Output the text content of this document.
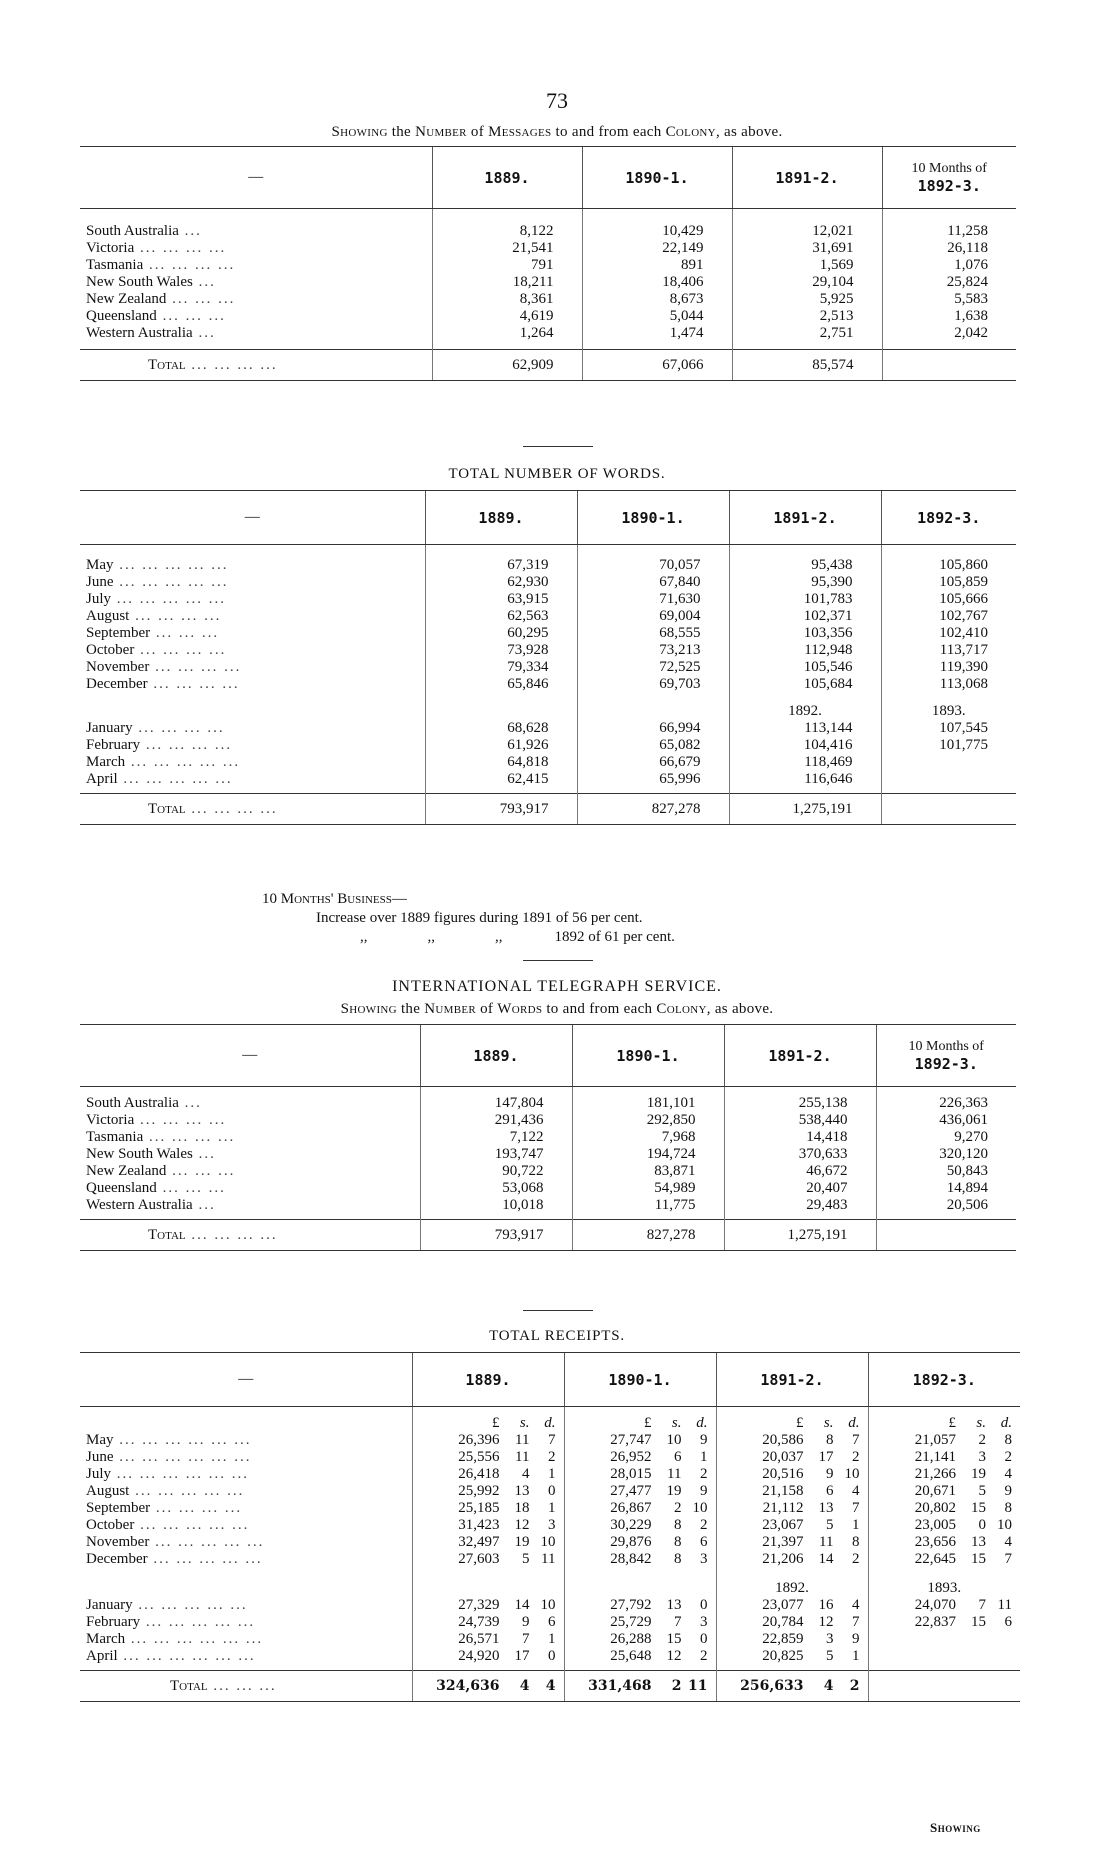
73
Showing the Number of Messages to and from each Colony, as above.
—	1889.	1890-1.	1891-2.	10 Months of
1892-3.

South Australia ...	8,122	10,429	12,021	11,258
Victoria ... ... ... ...	21,541	22,149	31,691	26,118
Tasmania ... ... ... ...	791	891	1,569	1,076
New South Wales ...	18,211	18,406	29,104	25,824
New Zealand ... ... ...	8,361	8,673	5,925	5,583
Queensland ... ... ...	4,619	5,044	2,513	1,638
Western Australia ...	1,264	1,474	2,751	2,042

Total ... ... ... ...	62,909	67,066	85,574	
TOTAL NUMBER OF WORDS.
—	1889.	1890-1.	1891-2.	1892-3.

May ... ... ... ... ...	67,319	70,057	95,438	105,860
June ... ... ... ... ...	62,930	67,840	95,390	105,859
July ... ... ... ... ...	63,915	71,630	101,783	105,666
August ... ... ... ...	62,563	69,004	102,371	102,767
September ... ... ...	60,295	68,555	103,356	102,410
October ... ... ... ...	73,928	73,213	112,948	113,717
November ... ... ... ...	79,334	72,525	105,546	119,390
December ... ... ... ...	65,846	69,703	105,684	113,068

			1892.	1893.
January ... ... ... ...	68,628	66,994	113,144	107,545
February ... ... ... ...	61,926	65,082	104,416	101,775
March ... ... ... ... ...	64,818	66,679	118,469	
April ... ... ... ... ...	62,415	65,996	116,646	

Total ... ... ... ...	793,917	827,278	1,275,191	
10 Months' Business—
Increase over 1889 figures during 1891 of 56 per cent.
,,	,,	,,	1892 of 61 per cent.
INTERNATIONAL TELEGRAPH SERVICE.
Showing the Number of Words to and from each Colony, as above.
—	1889.	1890-1.	1891-2.	10 Months of
1892-3.

South Australia ...	147,804	181,101	255,138	226,363
Victoria ... ... ... ...	291,436	292,850	538,440	436,061
Tasmania ... ... ... ...	7,122	7,968	14,418	9,270
New South Wales ...	193,747	194,724	370,633	320,120
New Zealand ... ... ...	90,722	83,871	46,672	50,843
Queensland ... ... ...	53,068	54,989	20,407	14,894
Western Australia ...	10,018	11,775	29,483	20,506

Total ... ... ... ...	793,917	827,278	1,275,191	
TOTAL RECEIPTS.
—	1889.	1890-1.	1891-2.	1892-3.

	£ s. d.	£ s. d.	£ s. d.	£ s. d.
May ... ... ... ... ... ...	26,396 11 7	27,747 10 9	20,586 8 7	21,057 2 8
June ... ... ... ... ... ...	25,556 11 2	26,952 6 1	20,037 17 2	21,141 3 2
July ... ... ... ... ... ...	26,418 4 1	28,015 11 2	20,516 9 10	21,266 19 4
August ... ... ... ... ...	25,992 13 0	27,477 19 9	21,158 6 4	20,671 5 9
September ... ... ... ...	25,185 18 1	26,867 2 10	21,112 13 7	20,802 15 8
October ... ... ... ... ...	31,423 12 3	30,229 8 2	23,067 5 1	23,005 0 10
November ... ... ... ... ...	32,497 19 10	29,876 8 6	21,397 11 8	23,656 13 4
December ... ... ... ... ...	27,603 5 11	28,842 8 3	21,206 14 2	22,645 15 7

			1892.	1893.
January ... ... ... ... ...	27,329 14 10	27,792 13 0	23,077 16 4	24,070 7 11
February ... ... ... ... ...	24,739 9 6	25,729 7 3	20,784 12 7	22,837 15 6
March ... ... ... ... ... ...	26,571 7 1	26,288 15 0	22,859 3 9	
April ... ... ... ... ... ...	24,920 17 0	25,648 12 2	20,825 5 1	

Total ... ... ...	324,636 4 4	331,468 2 11	256,633 4 2	
Showing
